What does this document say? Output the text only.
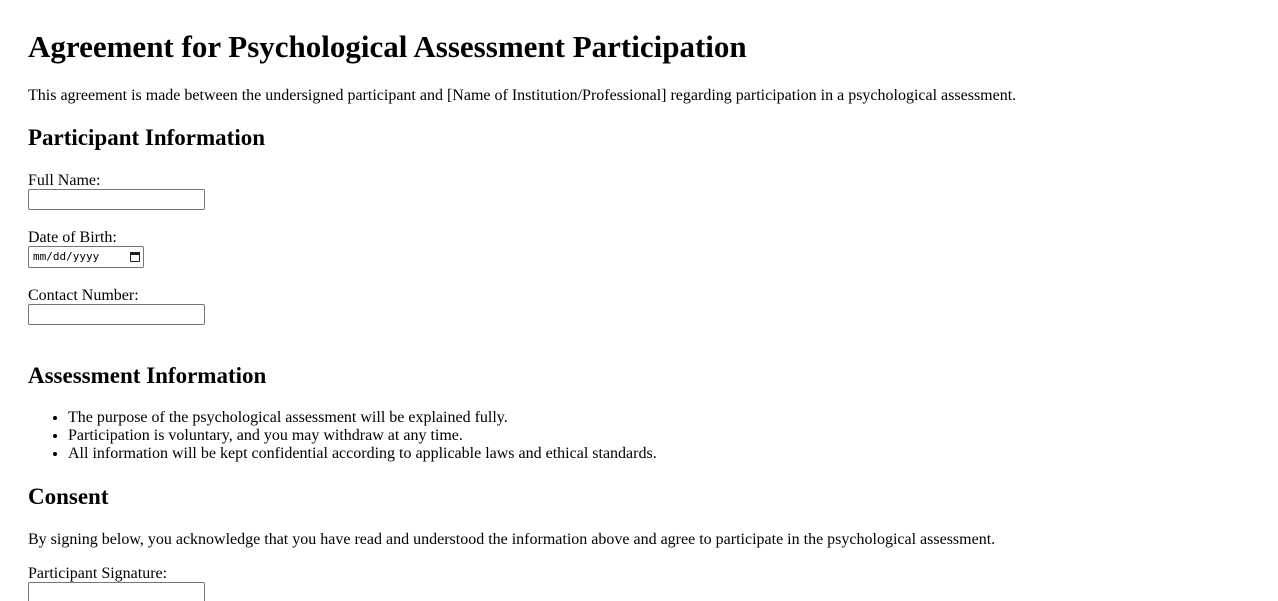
Agreement for Psychological Assessment Participation

This agreement is made between the undersigned participant and [Name of Institution/Professional] regarding participation in a psychological assessment.

Participant Information
Full Name:
Date of Birth:
mm/dd/yyyy
Contact Number:
Assessment Information
• The purpose of the psychological assessment will be explained fully.
• Participation is voluntary, and you may withdraw at any time.
• All information will be kept confidential according to applicable laws and ethical standards.
Consent

By signing below, you acknowledge that you have read and understood the information above and agree to participate in the psychological assessment.

Participant Signature:
